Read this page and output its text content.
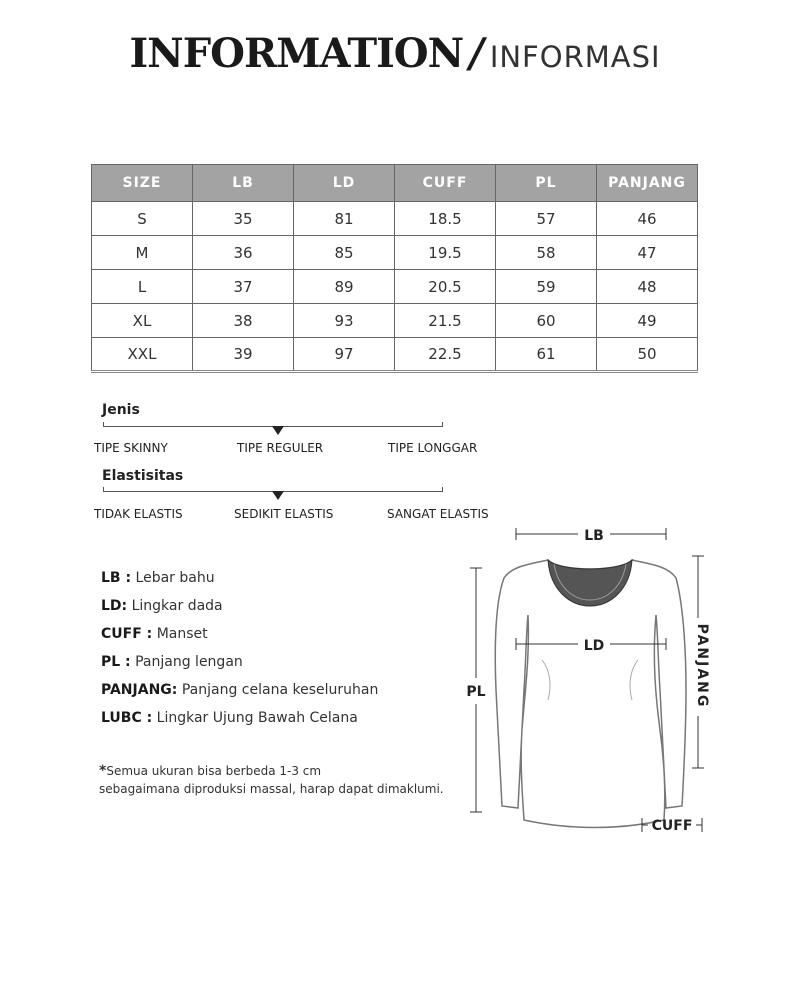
INFORMATION / INFORMASI
SIZE	LB	LD	CUFF	PL	PANJANG
S	35	81	18.5	57	46
M	36	85	19.5	58	47
L	37	89	20.5	59	48
XL	38	93	21.5	60	49
XXL	39	97	22.5	61	50
Jenis
TIPE SKINNY	TIPE REGULER	TIPE LONGGAR
Elastisitas
TIDAK ELASTIS	SEDIKIT ELASTIS	SANGAT ELASTIS
LB : Lebar bahu
LD: Lingkar dada
CUFF : Manset
PL : Panjang lengan
PANJANG: Panjang celana keseluruhan
LUBC : Lingkar Ujung Bawah Celana
*Semua ukuran bisa berbeda 1-3 cm
sebagaimana diproduksi massal, harap dapat dimaklumi.
LB
LD
PL	PANJANG
CUFF
